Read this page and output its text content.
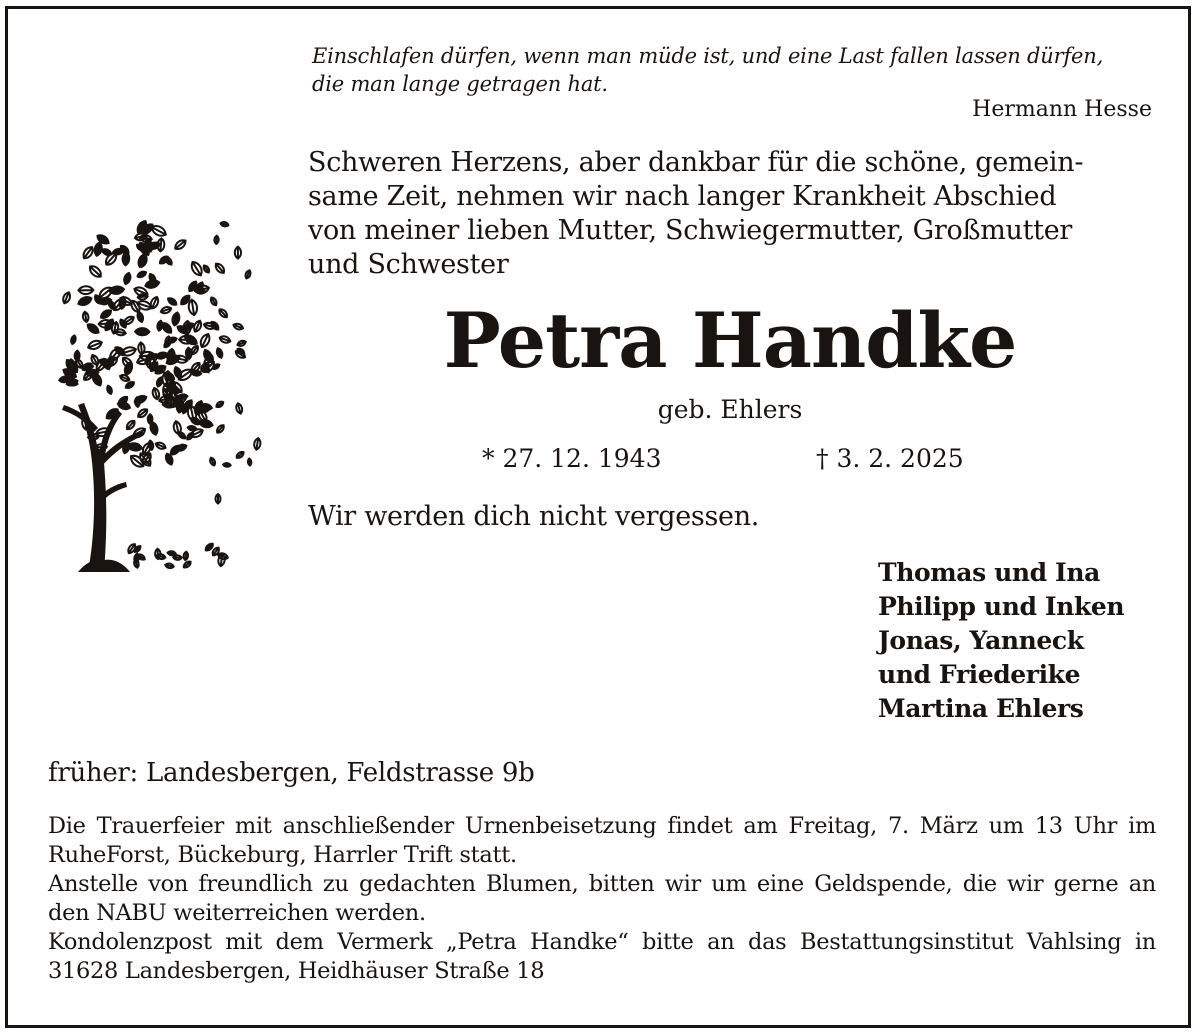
Einschlafen dürfen, wenn man müde ist, und eine Last fallen lassen dürfen,
die man lange getragen hat.
Hermann Hesse
Schweren Herzens, aber dankbar für die schöne, gemein-
same Zeit, nehmen wir nach langer Krankheit Abschied
von meiner lieben Mutter, Schwiegermutter, Großmutter
und Schwester
Petra Handke
geb. Ehlers
* 27. 12. 1943	† 3. 2. 2025
Wir werden dich nicht vergessen.
Thomas und Ina
Philipp und Inken
Jonas, Yanneck
und Friederike
Martina Ehlers
früher: Landesbergen, Feldstrasse 9b

Die Trauerfeier mit anschließender Urnenbeisetzung findet am Freitag, 7. März um 13 Uhr im RuheForst, Bückeburg, Harrler Trift statt.

Anstelle von freundlich zu gedachten Blumen, bitten wir um eine Geldspende, die wir gerne an den NABU weiterreichen werden.

Kondolenzpost mit dem Vermerk „Petra Handke“ bitte an das Bestattungsinstitut Vahlsing in 31628 Landesbergen, Heidhäuser Straße 18
